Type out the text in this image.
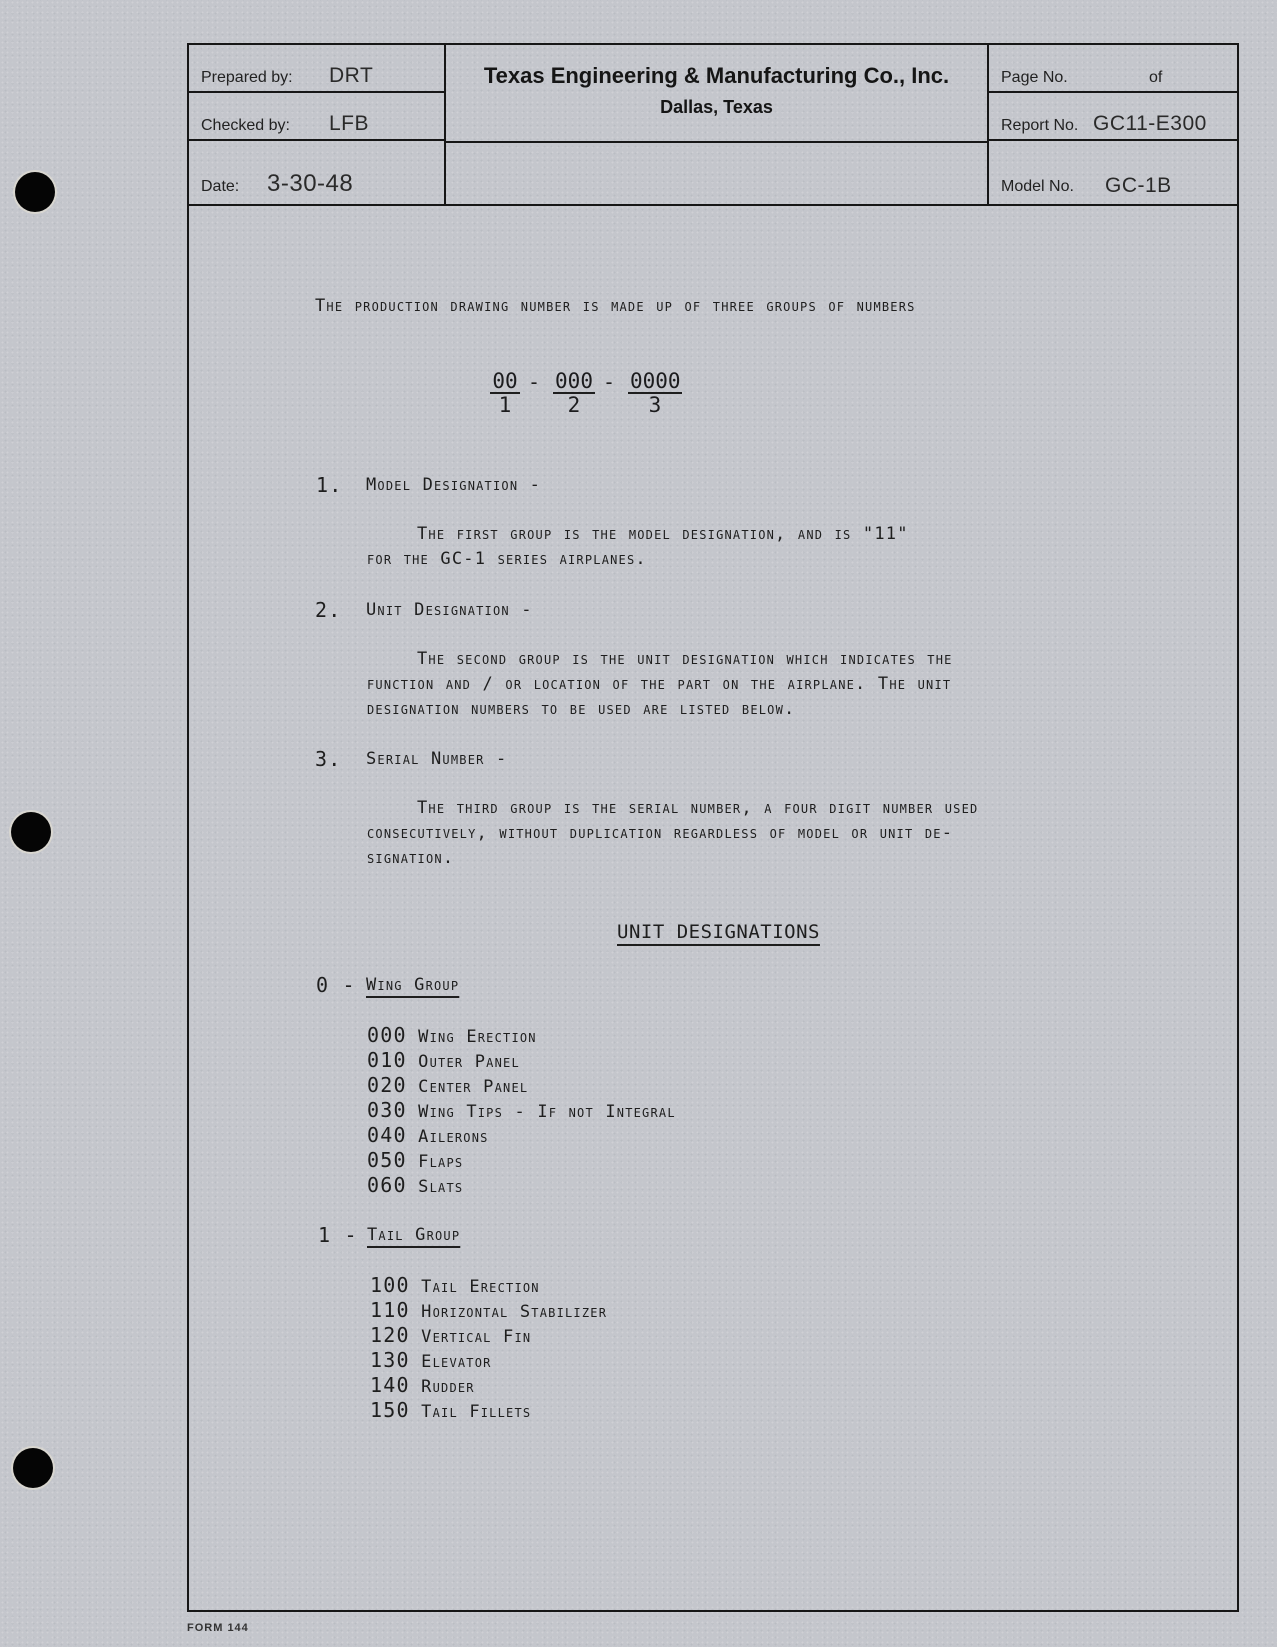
Prepared by: DRT
Checked by: LFB
Date: 3-30-48
Texas Engineering & Manufacturing Co., Inc.
Dallas, Texas
Page No.	of
Report No. GC11-E300
Model No. GC-1B
The production drawing number is made up of three groups of numbers
$\frac{00}{1} - \frac{000}{2} - \frac{0000}{3}$
1. Model Designation -
The first group is the model designation, and is "11"
for the GC-1 series airplanes.
2. Unit Designation -
The second group is the unit designation which indicates the
function and / or location of the part on the airplane. The unit
designation numbers to be used are listed below.
3. Serial Number -
The third group is the serial number, a four digit number used
consecutively, without duplication regardless of model or unit de-
signation.
UNIT DESIGNATIONS
0 - Wing Group
000 Wing Erection
010 Outer Panel
020 Center Panel
030 Wing Tips - If not Integral
040 Ailerons
050 Flaps
060 Slats
1 - Tail Group
100 Tail Erection
110 Horizontal Stabilizer
120 Vertical Fin
130 Elevator
140 Rudder
150 Tail Fillets
FORM 144
